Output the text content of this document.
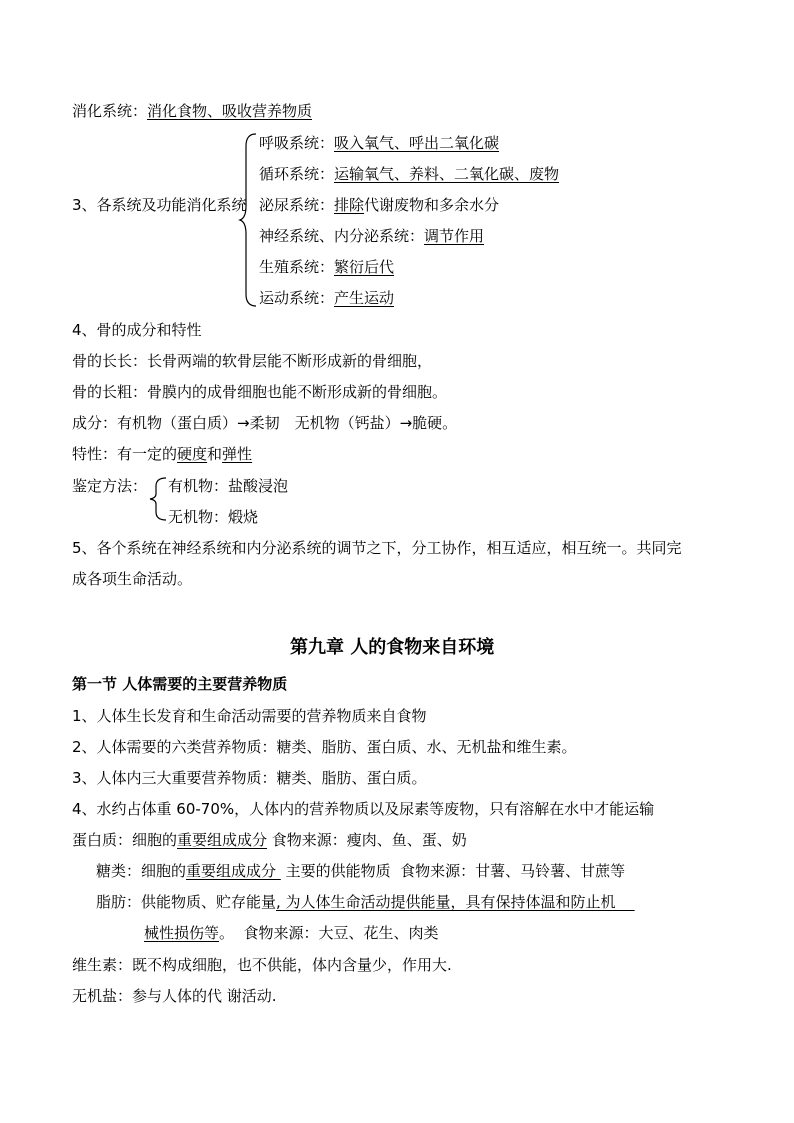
消化系统：消化食物、吸收营养物质
呼吸系统：吸入氧气、呼出二氧化碳
循环系统：运输氧气、养料、二氧化碳、废物
3、各系统及功能消化系统 泌尿系统：排除代谢废物和多余水分
神经系统、内分泌系统：调节作用
生殖系统：繁衍后代
运动系统：产生运动
4、骨的成分和特性
骨的长长：长骨两端的软骨层能不断形成新的骨细胞，
骨的长粗：骨膜内的成骨细胞也能不断形成新的骨细胞。
成分：有机物（蛋白质）→柔韧　无机物（钙盐）→脆硬。
特性：有一定的硬度和弹性
鉴定方法： 有机物：盐酸浸泡
无机物：煅烧
5、各个系统在神经系统和内分泌系统的调节之下，分工协作，相互适应，相互统一。共同完
成各项生命活动。
第九章 人的食物来自环境
第一节 人体需要的主要营养物质
1、人体生长发育和生命活动需要的营养物质来自食物
2、人体需要的六类营养物质：糖类、脂肪、蛋白质、水、无机盐和维生素。
3、人体内三大重要营养物质：糖类、脂肪、蛋白质。
4、水约占体重 60-70%，人体内的营养物质以及尿素等废物，只有溶解在水中才能运输
蛋白质：细胞的重要组成成分 食物来源：瘦肉、鱼、蛋、奶
糖类：细胞的重要组成成分  主要的供能物质  食物来源：甘薯、马铃薯、甘蔗等
脂肪：供能物质、贮存能量, 为人体生命活动提供能量，具有保持体温和防止机
械性损伤等。  食物来源：大豆、花生、肉类
维生素：既不构成细胞，也不供能，体内含量少，作用大.
无机盐：参与人体的代 谢活动.
